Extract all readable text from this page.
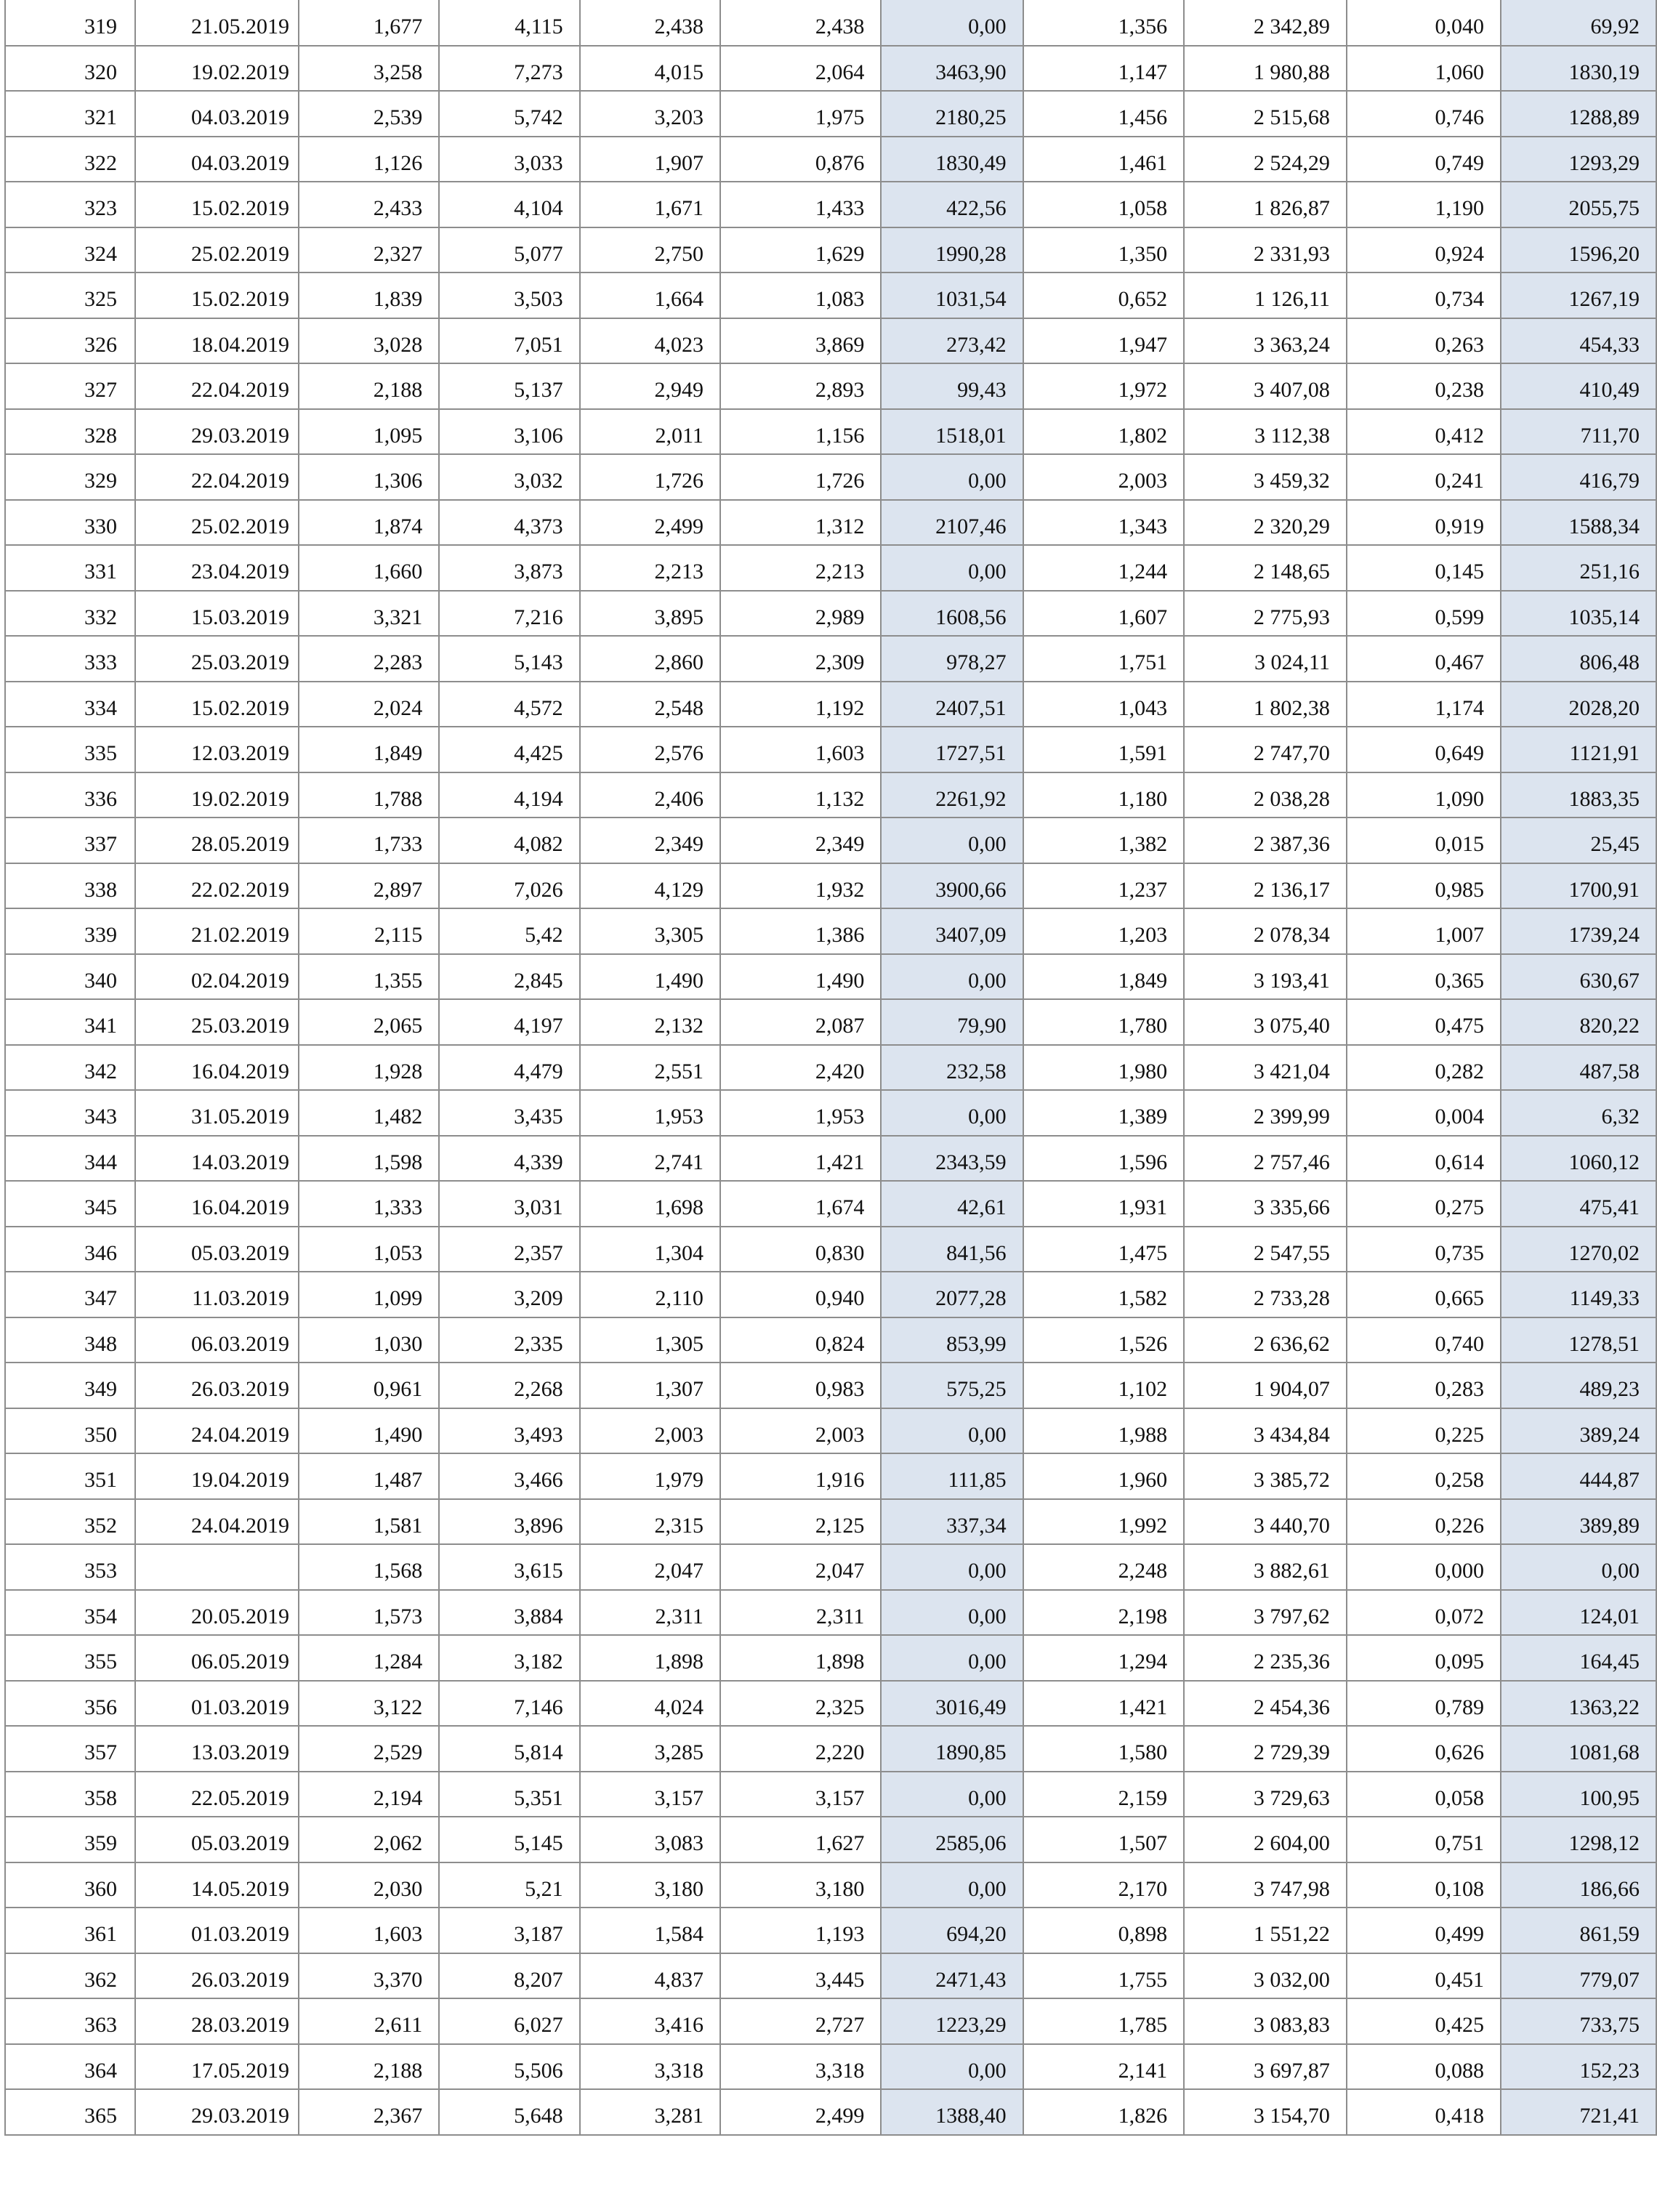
319	21.05.2019	1,677	4,115	2,438	2,438	0,00	1,356	2 342,89	0,040	69,92
320	19.02.2019	3,258	7,273	4,015	2,064	3463,90	1,147	1 980,88	1,060	1830,19
321	04.03.2019	2,539	5,742	3,203	1,975	2180,25	1,456	2 515,68	0,746	1288,89
322	04.03.2019	1,126	3,033	1,907	0,876	1830,49	1,461	2 524,29	0,749	1293,29
323	15.02.2019	2,433	4,104	1,671	1,433	422,56	1,058	1 826,87	1,190	2055,75
324	25.02.2019	2,327	5,077	2,750	1,629	1990,28	1,350	2 331,93	0,924	1596,20
325	15.02.2019	1,839	3,503	1,664	1,083	1031,54	0,652	1 126,11	0,734	1267,19
326	18.04.2019	3,028	7,051	4,023	3,869	273,42	1,947	3 363,24	0,263	454,33
327	22.04.2019	2,188	5,137	2,949	2,893	99,43	1,972	3 407,08	0,238	410,49
328	29.03.2019	1,095	3,106	2,011	1,156	1518,01	1,802	3 112,38	0,412	711,70
329	22.04.2019	1,306	3,032	1,726	1,726	0,00	2,003	3 459,32	0,241	416,79
330	25.02.2019	1,874	4,373	2,499	1,312	2107,46	1,343	2 320,29	0,919	1588,34
331	23.04.2019	1,660	3,873	2,213	2,213	0,00	1,244	2 148,65	0,145	251,16
332	15.03.2019	3,321	7,216	3,895	2,989	1608,56	1,607	2 775,93	0,599	1035,14
333	25.03.2019	2,283	5,143	2,860	2,309	978,27	1,751	3 024,11	0,467	806,48
334	15.02.2019	2,024	4,572	2,548	1,192	2407,51	1,043	1 802,38	1,174	2028,20
335	12.03.2019	1,849	4,425	2,576	1,603	1727,51	1,591	2 747,70	0,649	1121,91
336	19.02.2019	1,788	4,194	2,406	1,132	2261,92	1,180	2 038,28	1,090	1883,35
337	28.05.2019	1,733	4,082	2,349	2,349	0,00	1,382	2 387,36	0,015	25,45
338	22.02.2019	2,897	7,026	4,129	1,932	3900,66	1,237	2 136,17	0,985	1700,91
339	21.02.2019	2,115	5,42	3,305	1,386	3407,09	1,203	2 078,34	1,007	1739,24
340	02.04.2019	1,355	2,845	1,490	1,490	0,00	1,849	3 193,41	0,365	630,67
341	25.03.2019	2,065	4,197	2,132	2,087	79,90	1,780	3 075,40	0,475	820,22
342	16.04.2019	1,928	4,479	2,551	2,420	232,58	1,980	3 421,04	0,282	487,58
343	31.05.2019	1,482	3,435	1,953	1,953	0,00	1,389	2 399,99	0,004	6,32
344	14.03.2019	1,598	4,339	2,741	1,421	2343,59	1,596	2 757,46	0,614	1060,12
345	16.04.2019	1,333	3,031	1,698	1,674	42,61	1,931	3 335,66	0,275	475,41
346	05.03.2019	1,053	2,357	1,304	0,830	841,56	1,475	2 547,55	0,735	1270,02
347	11.03.2019	1,099	3,209	2,110	0,940	2077,28	1,582	2 733,28	0,665	1149,33
348	06.03.2019	1,030	2,335	1,305	0,824	853,99	1,526	2 636,62	0,740	1278,51
349	26.03.2019	0,961	2,268	1,307	0,983	575,25	1,102	1 904,07	0,283	489,23
350	24.04.2019	1,490	3,493	2,003	2,003	0,00	1,988	3 434,84	0,225	389,24
351	19.04.2019	1,487	3,466	1,979	1,916	111,85	1,960	3 385,72	0,258	444,87
352	24.04.2019	1,581	3,896	2,315	2,125	337,34	1,992	3 440,70	0,226	389,89
353		1,568	3,615	2,047	2,047	0,00	2,248	3 882,61	0,000	0,00
354	20.05.2019	1,573	3,884	2,311	2,311	0,00	2,198	3 797,62	0,072	124,01
355	06.05.2019	1,284	3,182	1,898	1,898	0,00	1,294	2 235,36	0,095	164,45
356	01.03.2019	3,122	7,146	4,024	2,325	3016,49	1,421	2 454,36	0,789	1363,22
357	13.03.2019	2,529	5,814	3,285	2,220	1890,85	1,580	2 729,39	0,626	1081,68
358	22.05.2019	2,194	5,351	3,157	3,157	0,00	2,159	3 729,63	0,058	100,95
359	05.03.2019	2,062	5,145	3,083	1,627	2585,06	1,507	2 604,00	0,751	1298,12
360	14.05.2019	2,030	5,21	3,180	3,180	0,00	2,170	3 747,98	0,108	186,66
361	01.03.2019	1,603	3,187	1,584	1,193	694,20	0,898	1 551,22	0,499	861,59
362	26.03.2019	3,370	8,207	4,837	3,445	2471,43	1,755	3 032,00	0,451	779,07
363	28.03.2019	2,611	6,027	3,416	2,727	1223,29	1,785	3 083,83	0,425	733,75
364	17.05.2019	2,188	5,506	3,318	3,318	0,00	2,141	3 697,87	0,088	152,23
365	29.03.2019	2,367	5,648	3,281	2,499	1388,40	1,826	3 154,70	0,418	721,41
